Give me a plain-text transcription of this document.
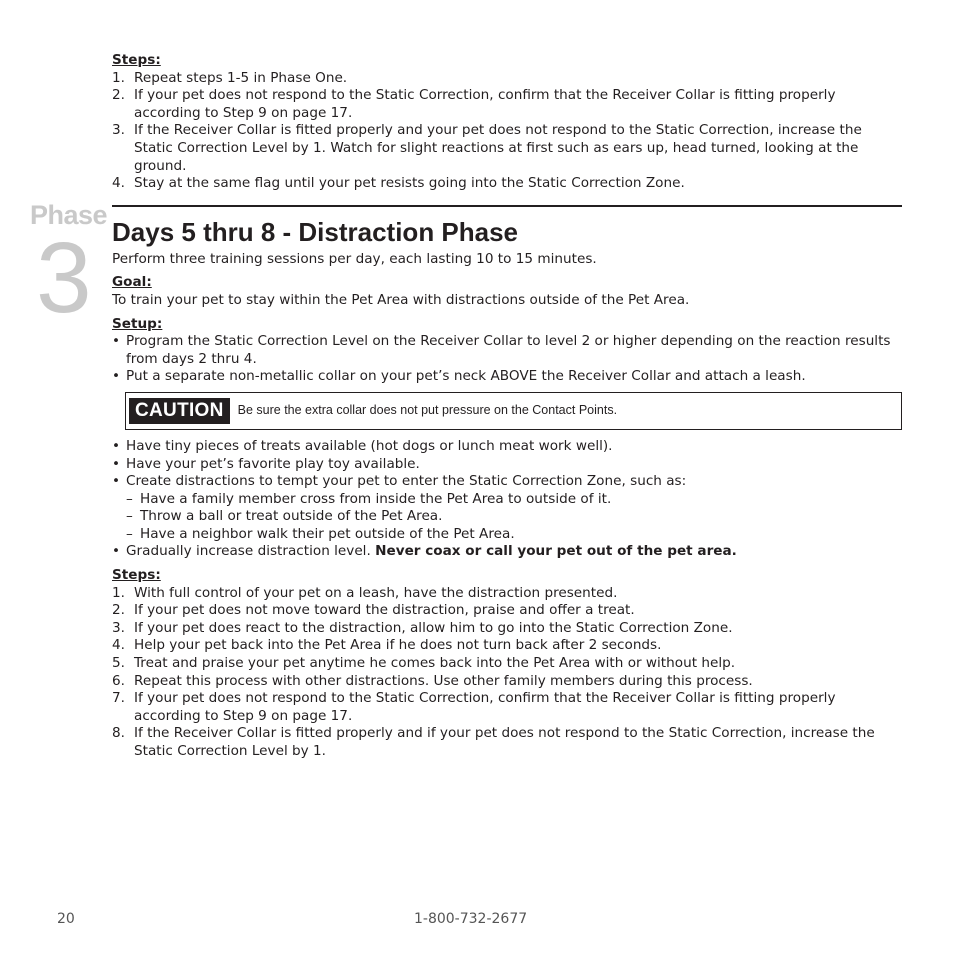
Phase
3

Steps:

1. Repeat steps 1-5 in Phase One.
2. If your pet does not respond to the Static Correction, confirm that the Receiver Collar is fitting properly according to Step 9 on page 17.
3. If the Receiver Collar is fitted properly and your pet does not respond to the Static Correction, increase the Static Correction Level by 1. Watch for slight reactions at first such as ears up, head turned, looking at the ground.
4. Stay at the same flag until your pet resists going into the Static Correction Zone.
Days 5 thru 8 - Distraction Phase

Perform three training sessions per day, each lasting 10 to 15 minutes.

Goal:

To train your pet to stay within the Pet Area with distractions outside of the Pet Area.

Setup:

• Program the Static Correction Level on the Receiver Collar to level 2 or higher depending on the reaction results from days 2 thru 4.
• Put a separate non-metallic collar on your pet’s neck ABOVE the Receiver Collar and attach a leash.
CAUTION	Be sure the extra collar does not put pressure on the Contact Points.
• Have tiny pieces of treats available (hot dogs or lunch meat work well).
• Have your pet’s favorite play toy available.
• Create distractions to tempt your pet to enter the Static Correction Zone, such as:
– Have a family member cross from inside the Pet Area to outside of it.
– Throw a ball or treat outside of the Pet Area.
– Have a neighbor walk their pet outside of the Pet Area.
• Gradually increase distraction level. Never coax or call your pet out of the pet area.

Steps:

1. With full control of your pet on a leash, have the distraction presented.
2. If your pet does not move toward the distraction, praise and offer a treat.
3. If your pet does react to the distraction, allow him to go into the Static Correction Zone.
4. Help your pet back into the Pet Area if he does not turn back after 2 seconds.
5. Treat and praise your pet anytime he comes back into the Pet Area with or without help.
6. Repeat this process with other distractions. Use other family members during this process.
7. If your pet does not respond to the Static Correction, confirm that the Receiver Collar is fitting properly according to Step 9 on page 17.
8. If the Receiver Collar is fitted properly and if your pet does not respond to the Static Correction, increase the Static Correction Level by 1.
20	1-800-732-2677
